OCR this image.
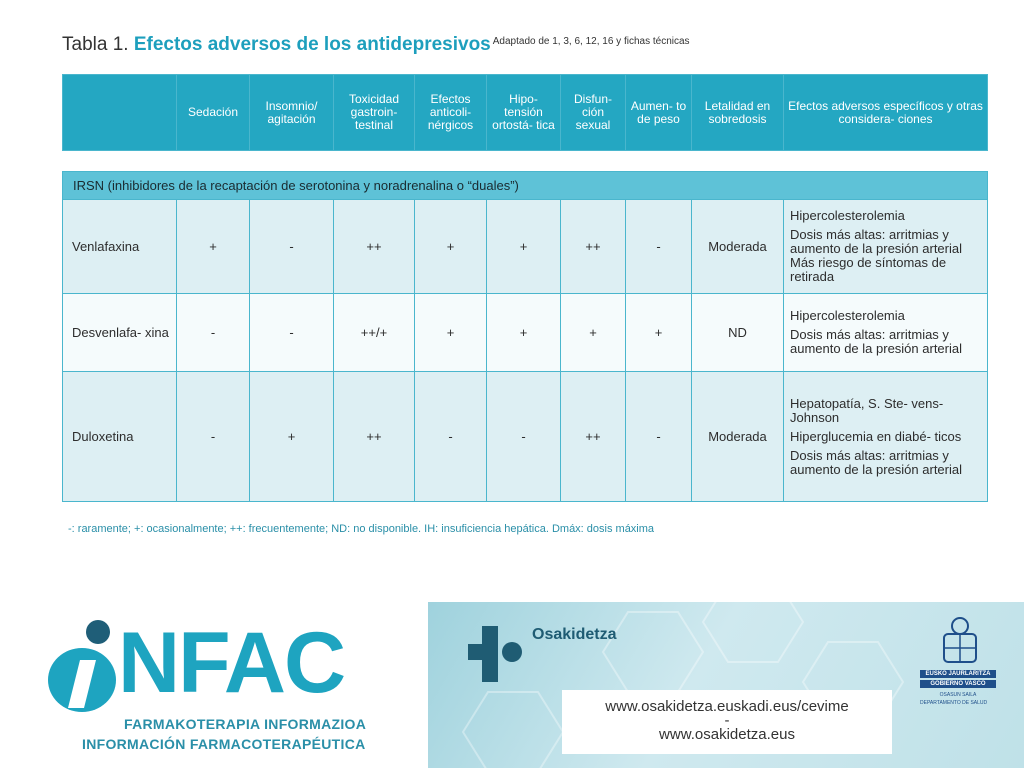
Tabla 1. Efectos adversos de los antidepresivos $^{Adaptado de 1, 3, 6, 12, 16 y fichas técnicas}$
	Sedación	Insomnio/ agitación	Toxicidad gastroin- testinal	Efectos anticoli- nérgicos	Hipo- tensión ortostá- tica	Disfun- ción sexual	Aumen- to de peso	Letalidad en sobredosis	Efectos adversos específicos y otras considera- ciones

IRSN (inhibidores de la recaptación de serotonina y noradrenalina o “duales”)									
Venlafaxina	+	-	++	+	+	++	-	Moderada	Hipercolesterolemia
Dosis más altas: arritmias y aumento de la presión arterial Más riesgo de síntomas de retirada

Desvenlafa- xina	-	-	++/+	+	+	+	+	ND	Hipercolesterolemia
Dosis más altas: arritmias y aumento de la presión arterial

Duloxetina	-	+	++	-	-	++	-	Moderada	Hepatopatía, S. Ste- vens-Johnson
Hiperglucemia en diabé- ticos
Dosis más altas: arritmias y aumento de la presión arterial
-: raramente; +: ocasionalmente; ++: frecuentemente; ND: no disponible. IH: insuficiencia hepática. Dmáx: dosis máxima
NFAC
FARMAKOTERAPIA INFORMAZIOA
INFORMACIÓN FARMACOTERAPÉUTICA
Osakidetza
www.osakidetza.euskadi.eus/cevime
-
www.osakidetza.eus
EUSKO JAURLARITZA
GOBIERNO VASCO
OSASUN SAILA
DEPARTAMENTO DE SALUD
